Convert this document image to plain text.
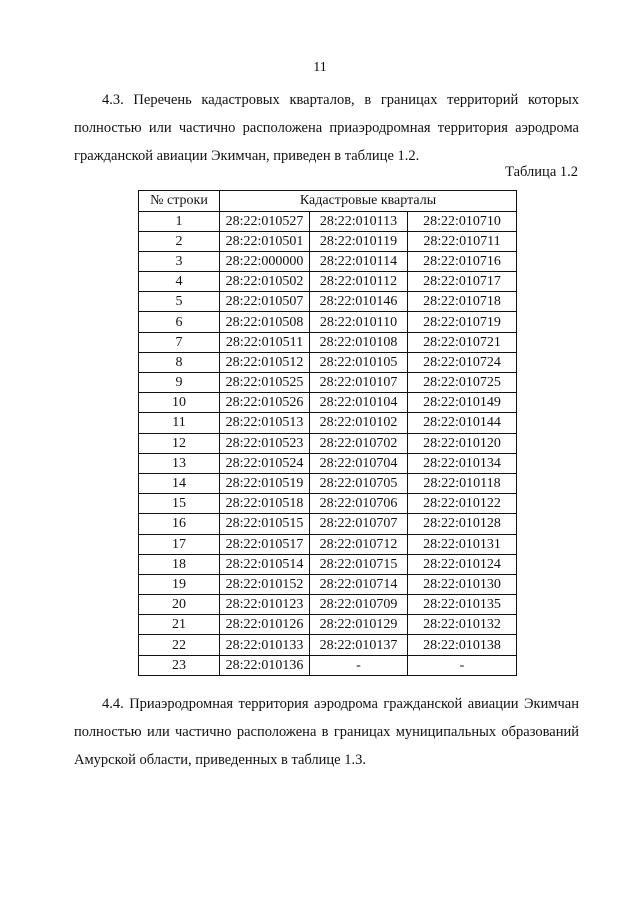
11

4.3. Перечень кадастровых кварталов, в границах территорий которых полностью или частично расположена приаэродромная территория аэродрома гражданской авиации Экимчан, приведен в таблице 1.2.

Таблица 1.2
№ строки	Кадастровые кварталы		
1	28:22:010527	28:22:010113	28:22:010710
2	28:22:010501	28:22:010119	28:22:010711
3	28:22:000000	28:22:010114	28:22:010716
4	28:22:010502	28:22:010112	28:22:010717
5	28:22:010507	28:22:010146	28:22:010718
6	28:22:010508	28:22:010110	28:22:010719
7	28:22:010511	28:22:010108	28:22:010721
8	28:22:010512	28:22:010105	28:22:010724
9	28:22:010525	28:22:010107	28:22:010725
10	28:22:010526	28:22:010104	28:22:010149
11	28:22:010513	28:22:010102	28:22:010144
12	28:22:010523	28:22:010702	28:22:010120
13	28:22:010524	28:22:010704	28:22:010134
14	28:22:010519	28:22:010705	28:22:010118
15	28:22:010518	28:22:010706	28:22:010122
16	28:22:010515	28:22:010707	28:22:010128
17	28:22:010517	28:22:010712	28:22:010131
18	28:22:010514	28:22:010715	28:22:010124
19	28:22:010152	28:22:010714	28:22:010130
20	28:22:010123	28:22:010709	28:22:010135
21	28:22:010126	28:22:010129	28:22:010132
22	28:22:010133	28:22:010137	28:22:010138
23	28:22:010136	-	-

4.4. Приаэродромная территория аэродрома гражданской авиации Экимчан полностью или частично расположена в границах муниципальных образований Амурской области, приведенных в таблице 1.3.
